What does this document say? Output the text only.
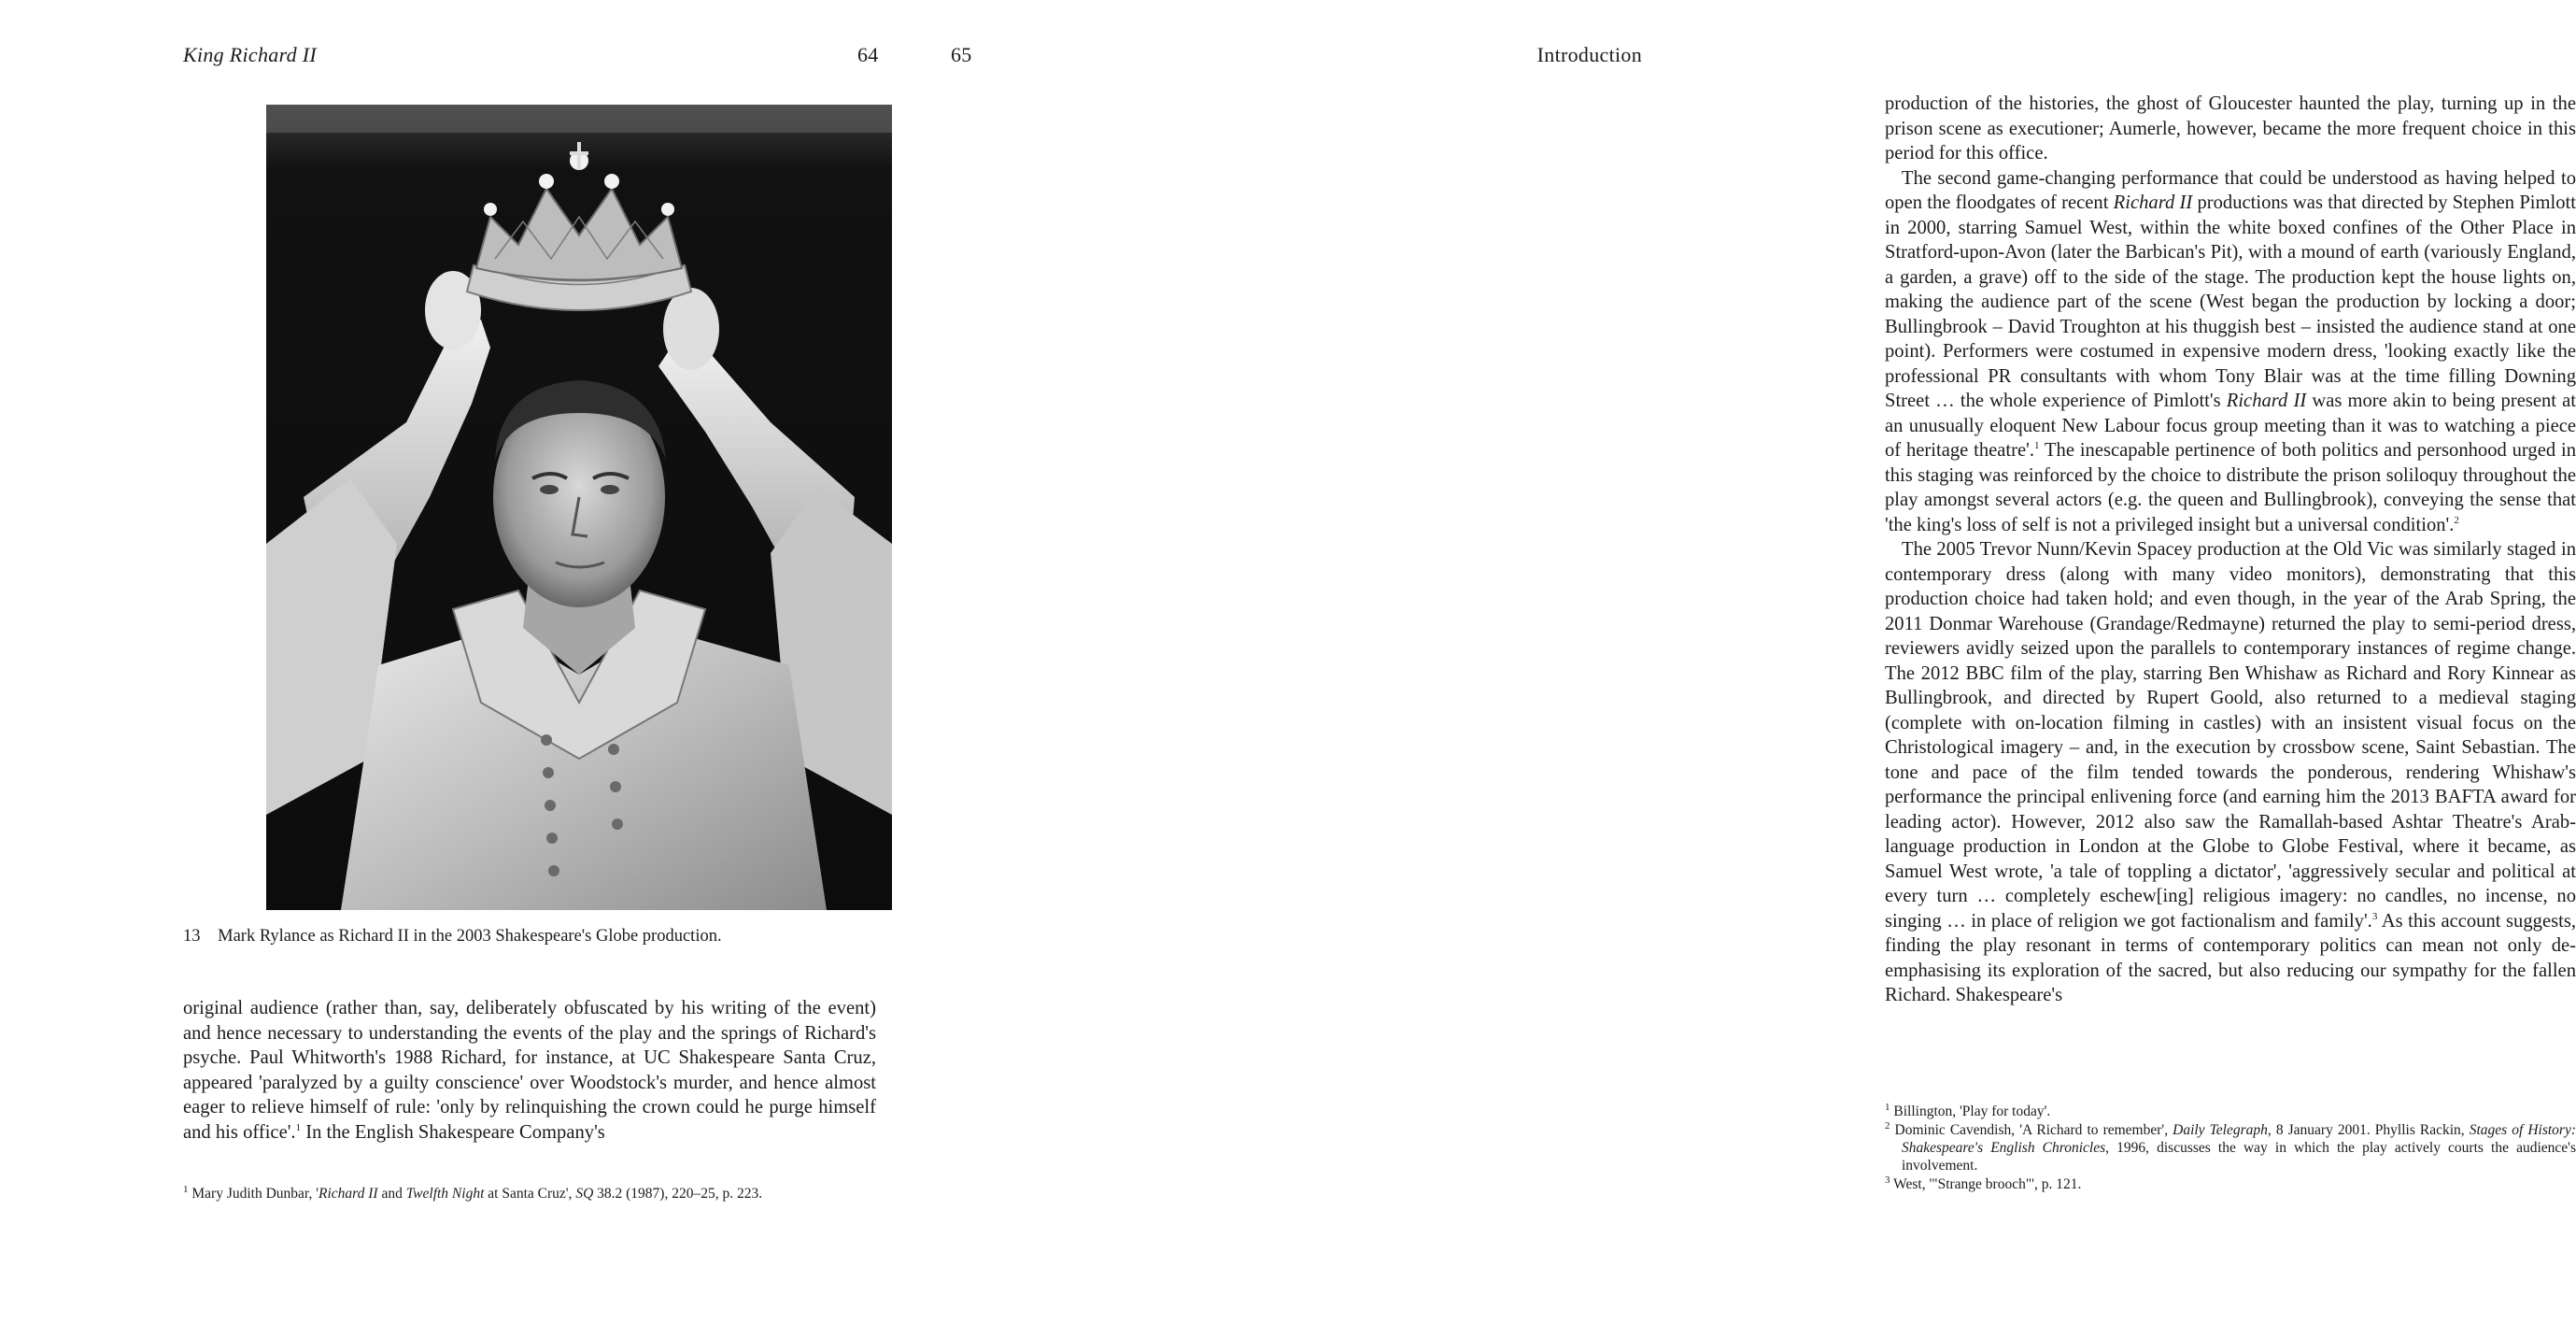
King Richard II	64
13 Mark Rylance as Richard II in the 2003 Shakespeare's Globe production.

original audience (rather than, say, deliberately obfuscated by his writing of the event) and hence necessary to understanding the events of the play and the springs of Richard's psyche. Paul Whitworth's 1988 Richard, for instance, at UC Shakespeare Santa Cruz, appeared 'paralyzed by a guilty conscience' over Woodstock's murder, and hence almost eager to relieve himself of rule: 'only by relinquishing the crown could he purge himself and his office'.$^1$ In the English Shakespeare Company's

$^1$ Mary Judith Dunbar, 'Richard II and Twelfth Night at Santa Cruz', SQ 38.2 (1987), 220–25, p. 223.

65	Introduction

production of the histories, the ghost of Gloucester haunted the play, turning up in the prison scene as executioner; Aumerle, however, became the more frequent choice in this period for this office.

The second game-changing performance that could be understood as having helped to open the floodgates of recent Richard II productions was that directed by Stephen Pimlott in 2000, starring Samuel West, within the white boxed confines of the Other Place in Stratford-upon-Avon (later the Barbican's Pit), with a mound of earth (variously England, a garden, a grave) off to the side of the stage. The production kept the house lights on, making the audience part of the scene (West began the production by locking a door; Bullingbrook – David Troughton at his thuggish best – insisted the audience stand at one point). Performers were costumed in expensive modern dress, 'looking exactly like the professional PR consultants with whom Tony Blair was at the time filling Downing Street … the whole experience of Pimlott's Richard II was more akin to being present at an unusually eloquent New Labour focus group meeting than it was to watching a piece of heritage theatre'.$^1$ The inescapable pertinence of both politics and personhood urged in this staging was reinforced by the choice to distribute the prison soliloquy throughout the play amongst several actors (e.g. the queen and Bullingbrook), conveying the sense that 'the king's loss of self is not a privileged insight but a universal condition'.$^2$

The 2005 Trevor Nunn/Kevin Spacey production at the Old Vic was similarly staged in contemporary dress (along with many video monitors), demonstrating that this production choice had taken hold; and even though, in the year of the Arab Spring, the 2011 Donmar Warehouse (Grandage/Redmayne) returned the play to semi-period dress, reviewers avidly seized upon the parallels to contemporary instances of regime change. The 2012 BBC film of the play, starring Ben Whishaw as Richard and Rory Kinnear as Bullingbrook, and directed by Rupert Goold, also returned to a medieval staging (complete with on-location filming in castles) with an insistent visual focus on the Christological imagery – and, in the execution by crossbow scene, Saint Sebastian. The tone and pace of the film tended towards the ponderous, rendering Whishaw's performance the principal enlivening force (and earning him the 2013 BAFTA award for leading actor). However, 2012 also saw the Ramallah-based Ashtar Theatre's Arab-language production in London at the Globe to Globe Festival, where it became, as Samuel West wrote, 'a tale of toppling a dictator', 'aggressively secular and political at every turn … completely eschew[ing] religious imagery: no candles, no incense, no singing … in place of religion we got factionalism and family'.$^3$ As this account suggests, finding the play resonant in terms of contemporary politics can mean not only de-emphasising its exploration of the sacred, but also reducing our sympathy for the fallen Richard. Shakespeare's

$^1$ Billington, 'Play for today'.

$^2$ Dominic Cavendish, 'A Richard to remember', Daily Telegraph, 8 January 2001. Phyllis Rackin, Stages of History: Shakespeare's English Chronicles, 1996, discusses the way in which the play actively courts the audience's involvement.

$^3$ West, '"Strange brooch"', p. 121.
